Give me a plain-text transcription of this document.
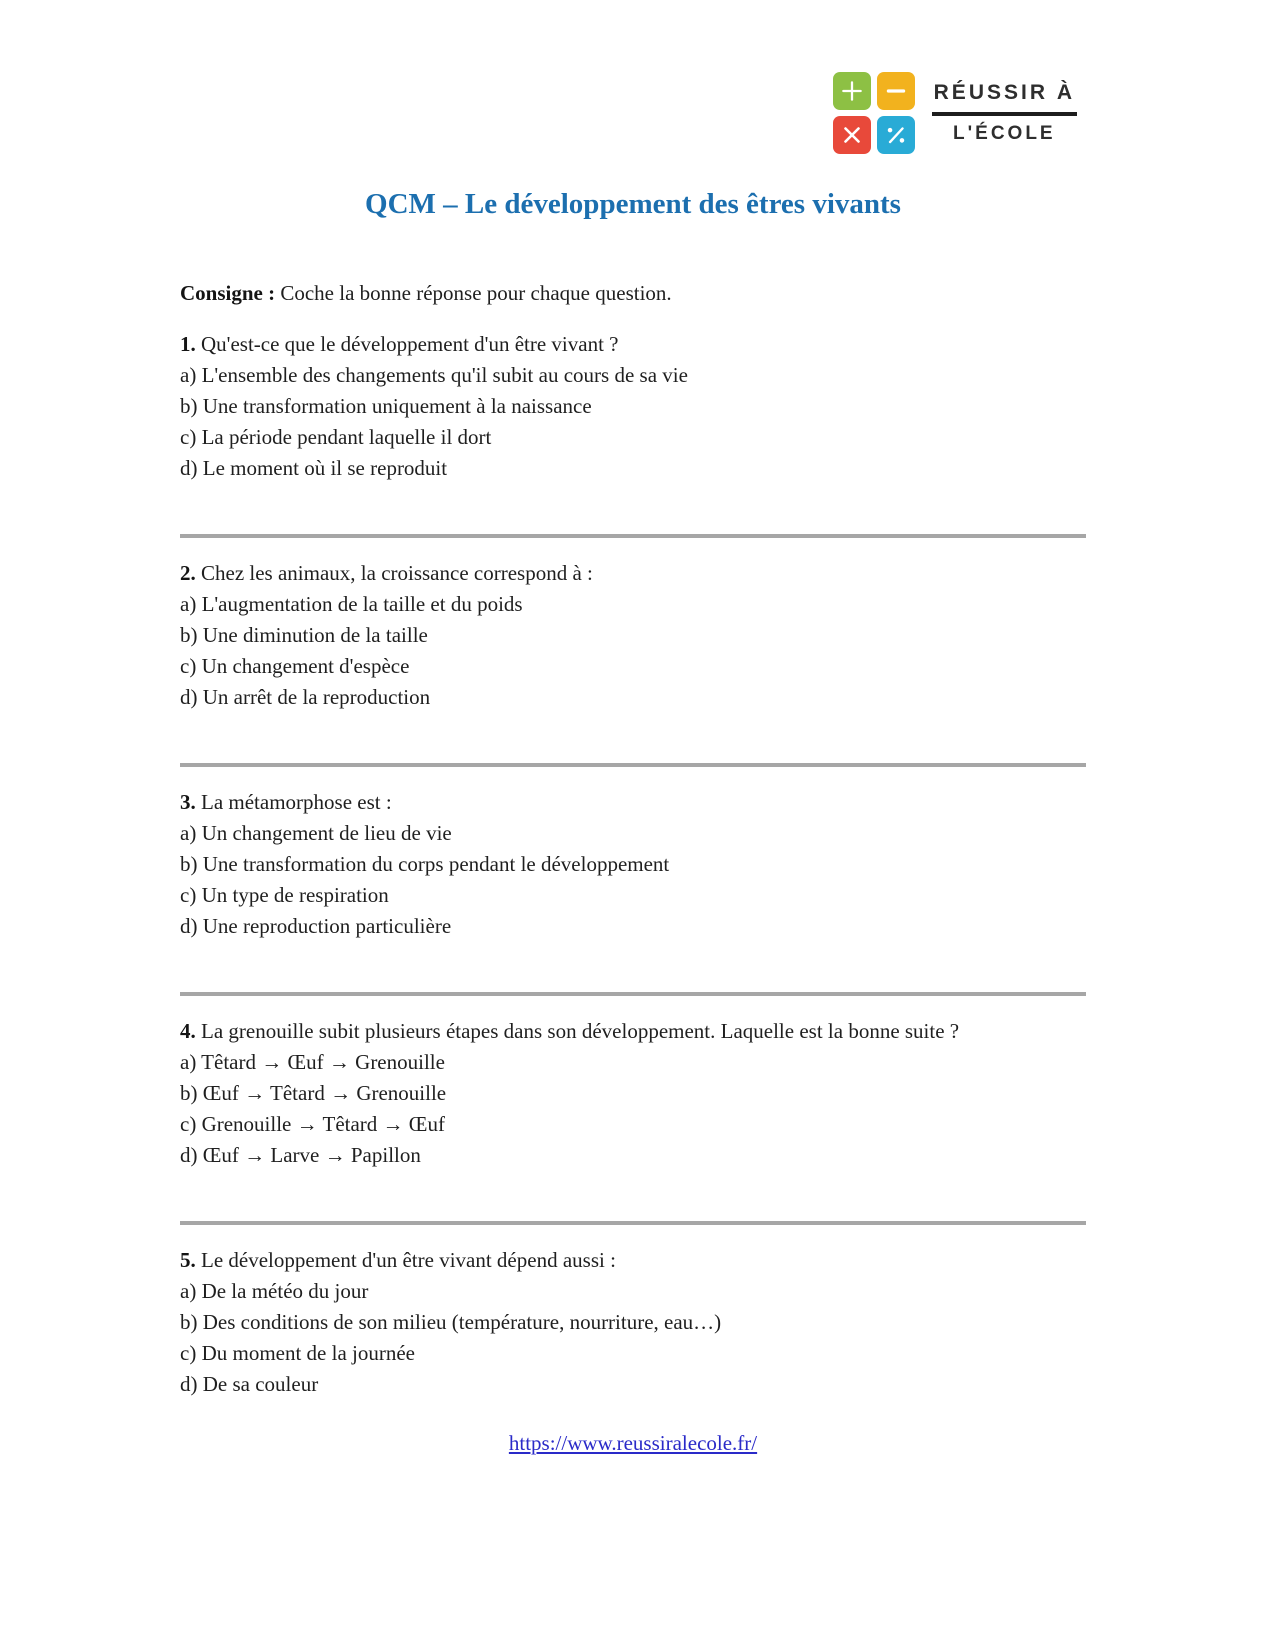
RÉUSSIR À
L'ÉCOLE
QCM – Le développement des êtres vivants

Consigne : Coche la bonne réponse pour chaque question.

1. Qu'est-ce que le développement d'un être vivant ?

a) L'ensemble des changements qu'il subit au cours de sa vie

b) Une transformation uniquement à la naissance

c) La période pendant laquelle il dort

d) Le moment où il se reproduit

2. Chez les animaux, la croissance correspond à :

a) L'augmentation de la taille et du poids

b) Une diminution de la taille

c) Un changement d'espèce

d) Un arrêt de la reproduction

3. La métamorphose est :

a) Un changement de lieu de vie

b) Une transformation du corps pendant le développement

c) Un type de respiration

d) Une reproduction particulière

4. La grenouille subit plusieurs étapes dans son développement. Laquelle est la bonne suite ?

a) Têtard → Œuf → Grenouille

b) Œuf → Têtard → Grenouille

c) Grenouille → Têtard → Œuf

d) Œuf → Larve → Papillon

5. Le développement d'un être vivant dépend aussi :

a) De la météo du jour

b) Des conditions de son milieu (température, nourriture, eau…)

c) Du moment de la journée

d) De sa couleur

https://www.reussiralecole.fr/
